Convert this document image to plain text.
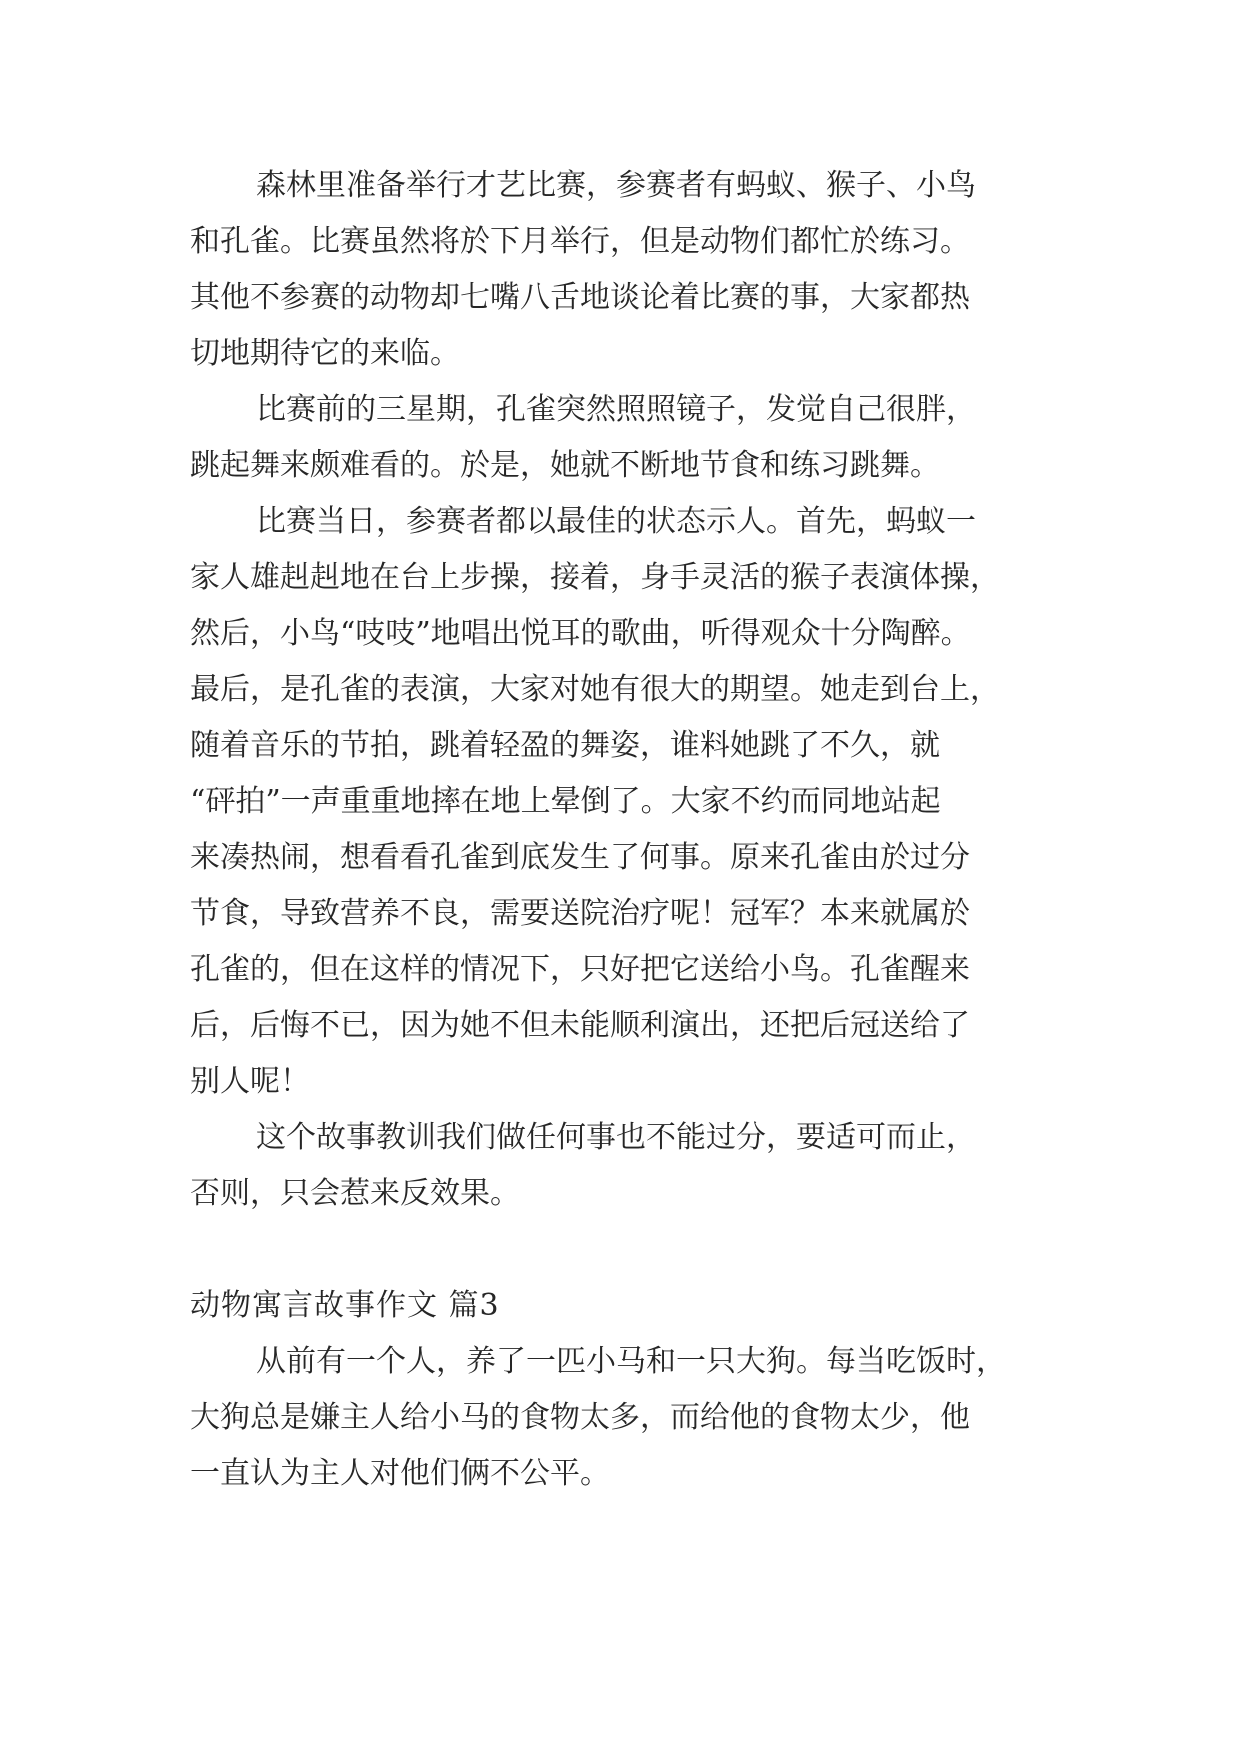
森林里准备举行才艺比赛，参赛者有蚂蚁、猴子、小鸟
和孔雀。比赛虽然将於下月举行，但是动物们都忙於练习。
其他不参赛的动物却七嘴八舌地谈论着比赛的事，大家都热
切地期待它的来临。
比赛前的三星期，孔雀突然照照镜子，发觉自己很胖，
跳起舞来颇难看的。於是，她就不断地节食和练习跳舞。
比赛当日，参赛者都以最佳的状态示人。首先，蚂蚁一
家人雄赳赳地在台上步操，接着，身手灵活的猴子表演体操，
然后，小鸟“吱吱”地唱出悦耳的歌曲，听得观众十分陶醉。
最后，是孔雀的表演，大家对她有很大的期望。她走到台上，
随着音乐的节拍，跳着轻盈的舞姿，谁料她跳了不久，就
“砰拍”一声重重地摔在地上晕倒了。大家不约而同地站起
来凑热闹，想看看孔雀到底发生了何事。原来孔雀由於过分
节食，导致营养不良，需要送院治疗呢！冠军？本来就属於
孔雀的，但在这样的情况下，只好把它送给小鸟。孔雀醒来
后，后悔不已，因为她不但未能顺利演出，还把后冠送给了
别人呢！
这个故事教训我们做任何事也不能过分，要适可而止，
否则，只会惹来反效果。
动物寓言故事作文 篇3
从前有一个人，养了一匹小马和一只大狗。每当吃饭时，
大狗总是嫌主人给小马的食物太多，而给他的食物太少，他
一直认为主人对他们俩不公平。
